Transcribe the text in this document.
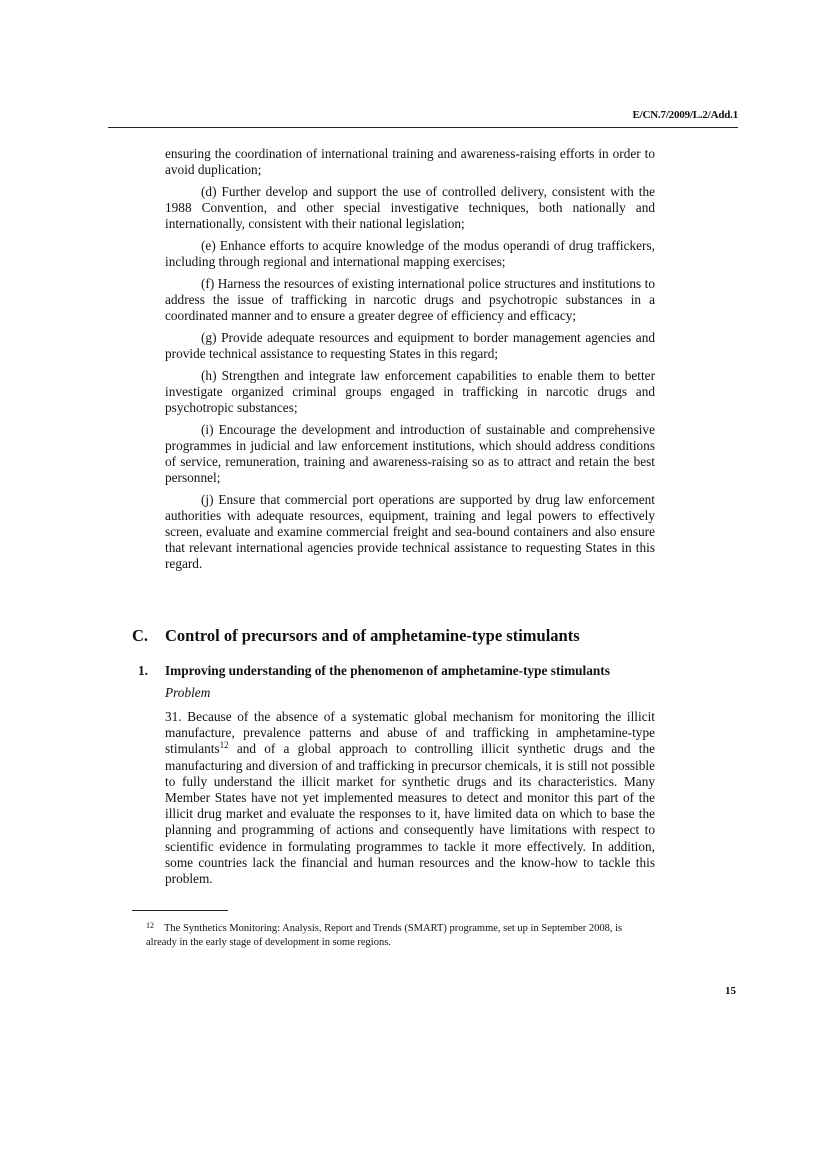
E/CN.7/2009/L.2/Add.1

ensuring the coordination of international training and awareness-raising efforts in order to avoid duplication;

(d) Further develop and support the use of controlled delivery, consistent with the 1988 Convention, and other special investigative techniques, both nationally and internationally, consistent with their national legislation;

(e) Enhance efforts to acquire knowledge of the modus operandi of drug traffickers, including through regional and international mapping exercises;

(f) Harness the resources of existing international police structures and institutions to address the issue of trafficking in narcotic drugs and psychotropic substances in a coordinated manner and to ensure a greater degree of efficiency and efficacy;

(g) Provide adequate resources and equipment to border management agencies and provide technical assistance to requesting States in this regard;

(h) Strengthen and integrate law enforcement capabilities to enable them to better investigate organized criminal groups engaged in trafficking in narcotic drugs and psychotropic substances;

(i) Encourage the development and introduction of sustainable and comprehensive programmes in judicial and law enforcement institutions, which should address conditions of service, remuneration, training and awareness-raising so as to attract and retain the best personnel;

(j) Ensure that commercial port operations are supported by drug law enforcement authorities with adequate resources, equipment, training and legal powers to effectively screen, evaluate and examine commercial freight and sea-bound containers and also ensure that relevant international agencies provide technical assistance to requesting States in this regard.

C. Control of precursors and of amphetamine-type stimulants
1. Improving understanding of the phenomenon of amphetamine-type stimulants
Problem
31. Because of the absence of a systematic global mechanism for monitoring the illicit manufacture, prevalence patterns and abuse of and trafficking in amphetamine-type stimulants$^{12}$ and of a global approach to controlling illicit synthetic drugs and the manufacturing and diversion of and trafficking in precursor chemicals, it is still not possible to fully understand the illicit market for synthetic drugs and its characteristics. Many Member States have not yet implemented measures to detect and monitor this part of the illicit drug market and evaluate the responses to it, have limited data on which to base the planning and programming of actions and consequently have limitations with respect to scientific evidence in formulating programmes to tackle it more effectively. In addition, some countries lack the financial and human resources and the know-how to tackle this problem.
12 The Synthetics Monitoring: Analysis, Report and Trends (SMART) programme, set up in September 2008, is already in the early stage of development in some regions.
15
